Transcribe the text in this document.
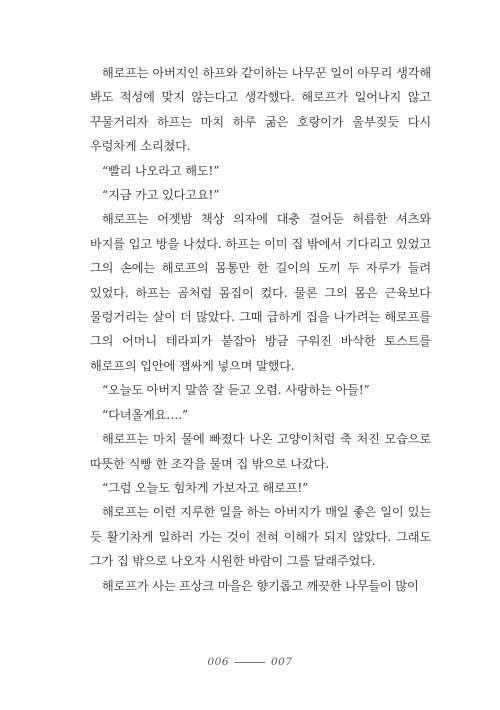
해로프는 아버지인 하프와 같이하는 나무꾼 일이 아무리 생각해 봐도 적성에 맞지 않는다고 생각했다. 해로프가 일어나지 않고 꾸물거리자 하프는 마치 하루 굶은 호랑이가 울부짖듯 다시 우렁차게 소리쳤다.

“빨리 나오라고 해도!”

“지금 가고 있다고요!”

해로프는 어젯밤 책상 의자에 대충 걸어둔 허름한 셔츠와 바지를 입고 방을 나섰다. 하프는 이미 집 밖에서 기다리고 있었고 그의 손에는 해로프의 몸통만 한 길이의 도끼 두 자루가 들려 있었다. 하프는 곰처럼 몸집이 컸다. 물론 그의 몸은 근육보다 물렁거리는 살이 더 많았다. 그때 급하게 집을 나가려는 해로프를 그의 어머니 테라피가 붙잡아 방금 구워진 바삭한 토스트를 해로프의 입안에 잽싸게 넣으며 말했다.

“오늘도 아버지 말씀 잘 듣고 오렴. 사랑하는 아들!”

“다녀올게요….”

해로프는 마치 물에 빠졌다 나온 고양이처럼 축 처진 모습으로 따뜻한 식빵 한 조각을 물며 집 밖으로 나갔다.

“그럼 오늘도 힘차게 가보자고 해로프!”

해로프는 이런 지루한 일을 하는 아버지가 매일 좋은 일이 있는 듯 활기차게 일하러 가는 것이 전혀 이해가 되지 않았다. 그래도 그가 집 밖으로 나오자 시원한 바람이 그를 달래주었다.

해로프가 사는 프상크 마을은 향기롭고 깨끗한 나무들이 많이

006	007
